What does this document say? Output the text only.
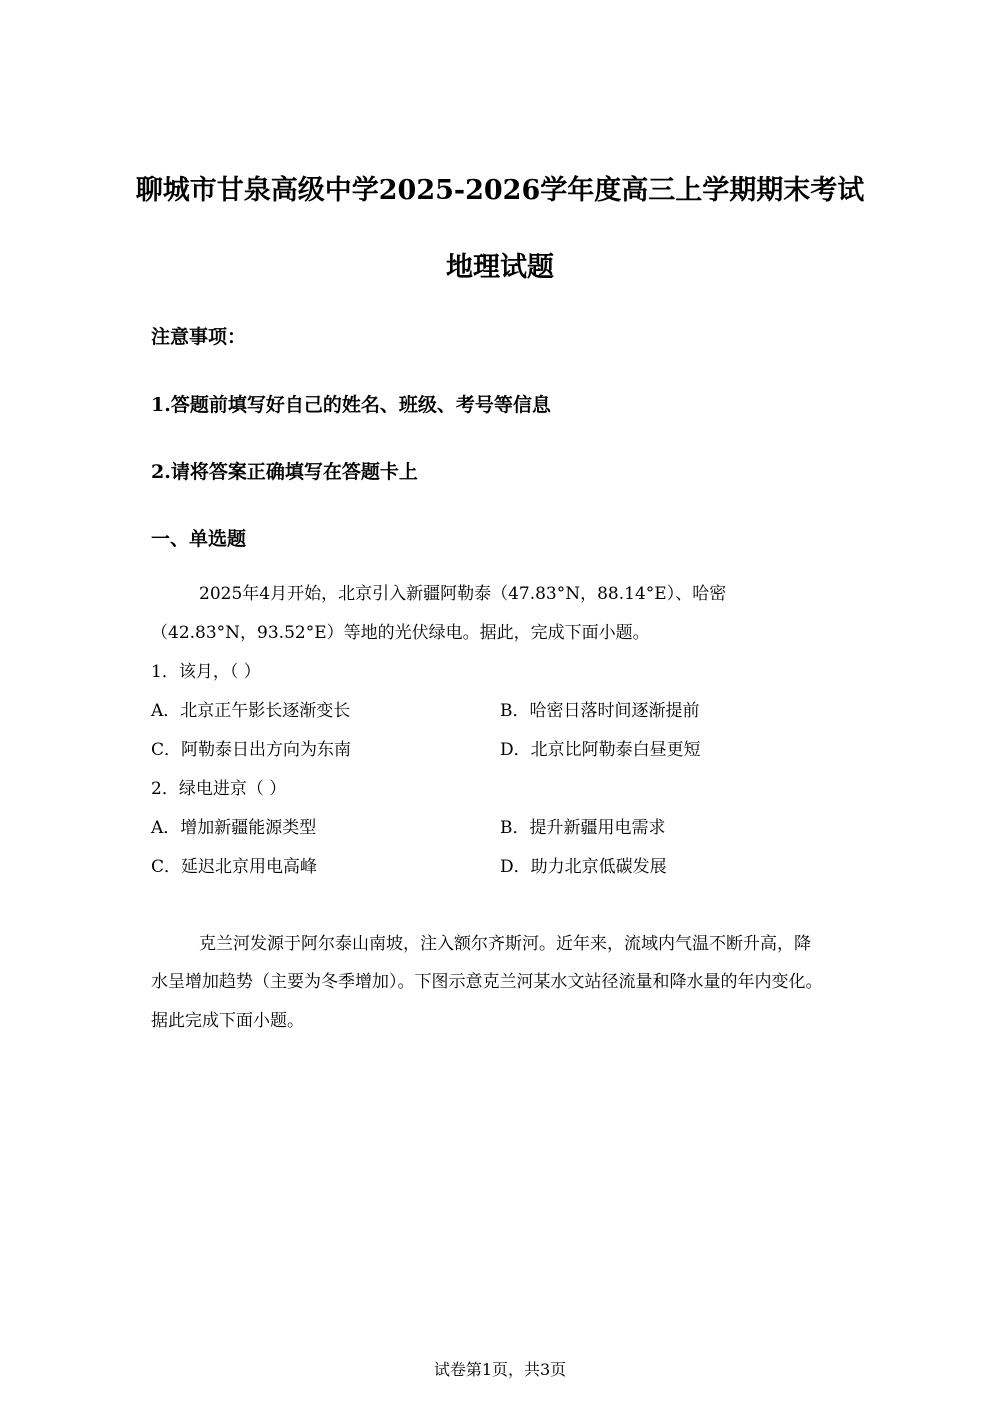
聊城市甘泉高级中学2025-2026学年度高三上学期期末考试
地理试题
注意事项：
1.答题前填写好自己的姓名、班级、考号等信息
2.请将答案正确填写在答题卡上
一、单选题
2025年4月开始，北京引入新疆阿勒泰（47.83°N，88.14°E）、哈密
（42.83°N，93.52°E）等地的光伏绿电。据此，完成下面小题。
1．该月，（ ）
A．北京正午影长逐渐变长	B．哈密日落时间逐渐提前
C．阿勒泰日出方向为东南	D．北京比阿勒泰白昼更短
2．绿电进京（ ）
A．增加新疆能源类型	B．提升新疆用电需求
C．延迟北京用电高峰	D．助力北京低碳发展
克兰河发源于阿尔泰山南坡，注入额尔齐斯河。近年来，流域内气温不断升高，降
水呈增加趋势（主要为冬季增加）。下图示意克兰河某水文站径流量和降水量的年内变化。
据此完成下面小题。
试卷第1页，共3页
